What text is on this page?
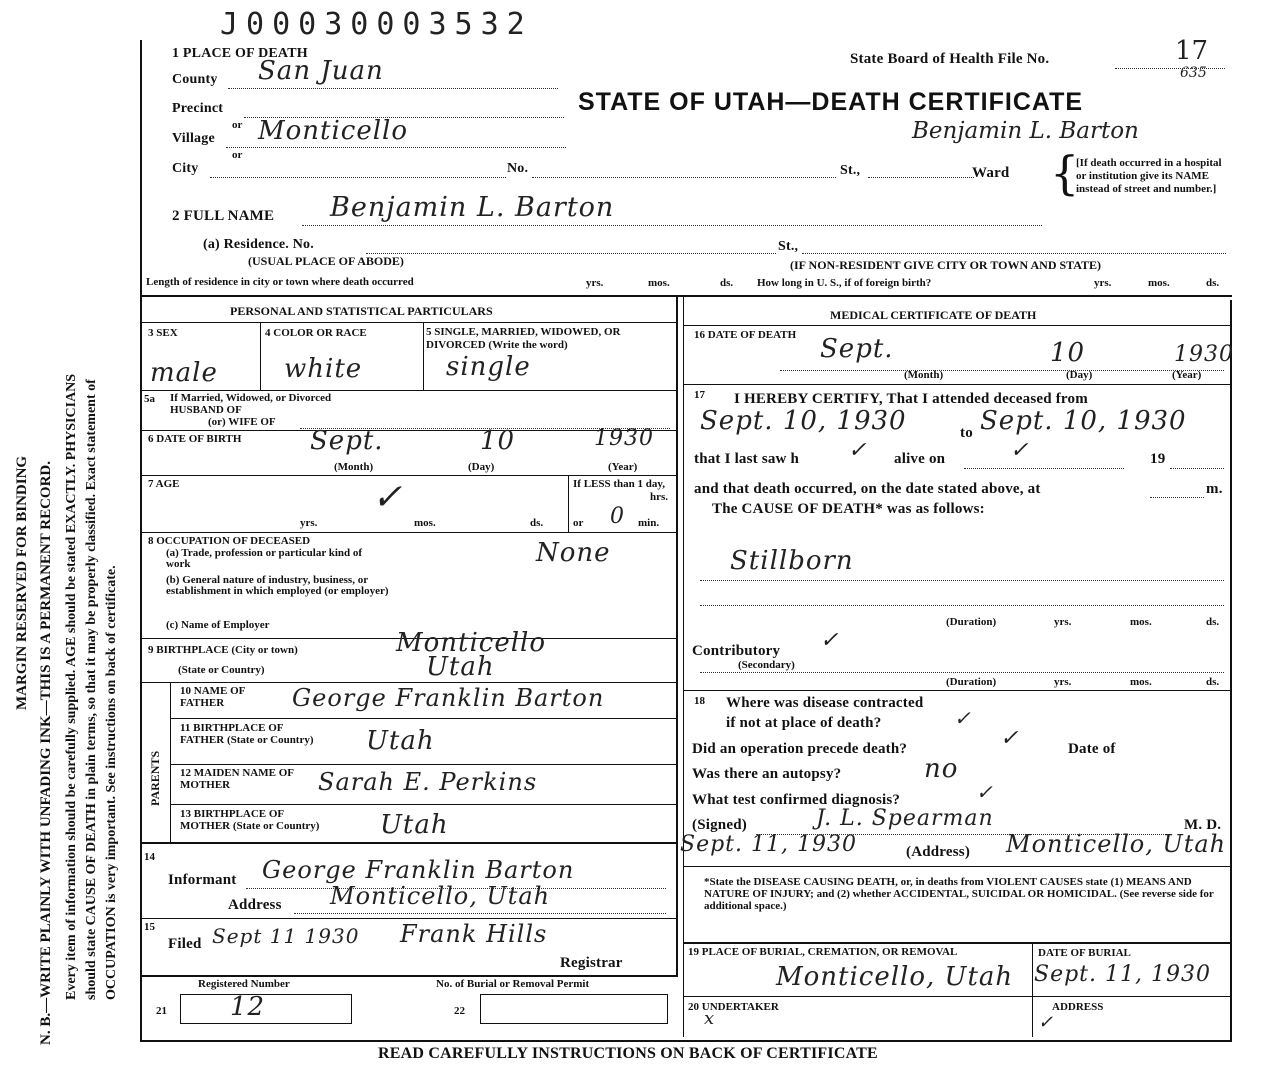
MARGIN RESERVED FOR BINDING N. B.—WRITE PLAINLY WITH UNFADING INK—THIS IS A PERMANENT RECORD. Every item of information should be carefully supplied. AGE should be stated EXACTLY. PHYSICIANS should state CAUSE OF DEATH in plain terms, so that it may be properly classified. Exact statement of OCCUPATION is very important. See instructions on back of certificate.
J00030003532
1 PLACE OF DEATH	State Board of Health File No.	17
635
County San Juan
STATE OF UTAH—DEATH CERTIFICATE
Precinct
or	Benjamin L. Barton
Village Monticello
or
City	No.	St.,	Ward {
[If death occurred in a hospital or institution give its NAME instead of street and number.]
2 FULL NAME Benjamin L. Barton
(a) Residence. No.	St.,
(USUAL PLACE OF ABODE)	(IF NON-RESIDENT GIVE CITY OR TOWN AND STATE)
Length of residence in city or town where death occurred	yrs.	mos.	ds. How long in U. S., if of foreign birth?	yrs.	mos.	ds.
PERSONAL AND STATISTICAL PARTICULARS
3 SEX	4 COLOR OR RACE	5 SINGLE, MARRIED, WIDOWED, OR DIVORCED (Write the word)
male	white	single
5a If Married, Widowed, or Divorced
HUSBAND OF
(or) WIFE OF
6 DATE OF BIRTH	Sept.	10	1930
(Month)	(Day)	(Year)
7 AGE	✓
yrs.	mos.	ds.
If LESS than 1 day,
hrs.
or 0 min.
8 OCCUPATION OF DECEASED
(a) Trade, profession or particular kind of work
(b) General nature of industry, business, or establishment in which employed (or employer)
None
(c) Name of Employer
9 BIRTHPLACE (City or town)	Monticello
(State or Country)	Utah
PARENTS
10 NAME OF FATHER	George Franklin Barton
11 BIRTHPLACE OF FATHER (State or Country) Utah
12 MAIDEN NAME OF MOTHER	Sarah E. Perkins
13 BIRTHPLACE OF MOTHER (State or Country) Utah
14
Informant George Franklin Barton
Address Monticello, Utah
15
Filed Sept 11 1930 Frank Hills
Registrar
Registered Number	No. of Burial or Removal Permit
21 12	22
MEDICAL CERTIFICATE OF DEATH
16 DATE OF DEATH Sept.	10	1930
(Month)	(Day)	(Year)
17 I HEREBY CERTIFY, That I attended deceased from
Sept. 10, 1930	to Sept. 10, 1930
that I last saw h ✓ alive on	✓	19
and that death occurred, on the date stated above, at	m.
The CAUSE OF DEATH* was as follows:
Stillborn
(Duration)	yrs.	mos.	ds.
Contributory ✓
(Secondary)
(Duration)	yrs.	mos.	ds.
18 Where was disease contracted
if not at place of death?	✓
Did an operation precede death?	✓	Date of
Was there an autopsy?	no
What test confirmed diagnosis?	✓
(Signed)	J. L. Spearman	M. D.
Sept. 11, 1930	(Address) Monticello, Utah
*State the DISEASE CAUSING DEATH, or, in deaths from VIOLENT CAUSES state (1) MEANS AND NATURE OF INJURY; and (2) whether ACCIDENTAL, SUICIDAL OR HOMICIDAL. (See reverse side for additional space.)
19 PLACE OF BURIAL, CREMATION, OR REMOVAL	DATE OF BURIAL
Monticello, Utah Sept. 11, 1930
20 UNDERTAKER
x
ADDRESS
✓
READ CAREFULLY INSTRUCTIONS ON BACK OF CERTIFICATE
